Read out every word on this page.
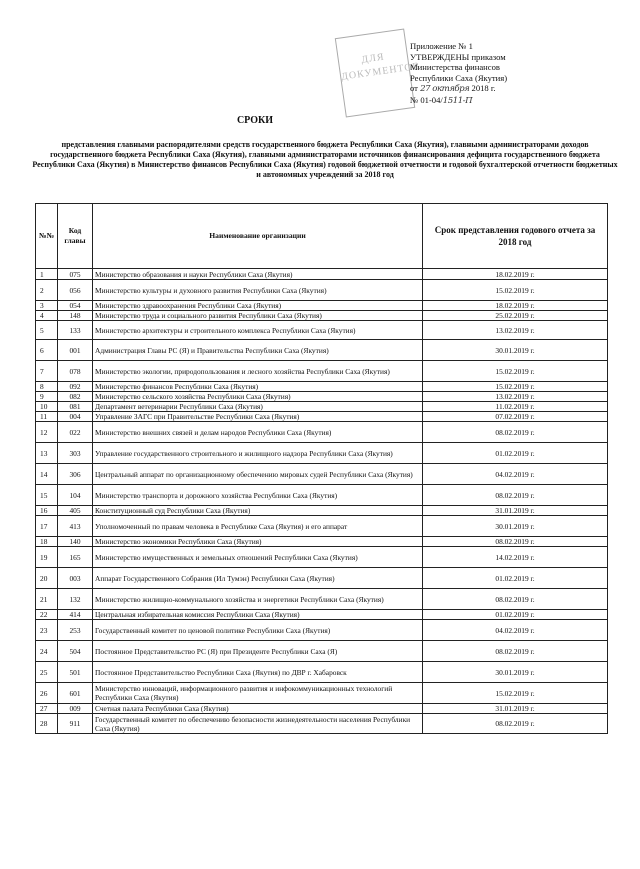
ДЛЯ ДОКУМЕНТОВ
Приложение № 1
УТВЕРЖДЕНЫ приказом
Министерства финансов
Республики Саха (Якутия)
от 27 октября 2018 г.
№ 01-04/1511-П
СРОКИ
представления главными распорядителями средств государственного бюджета Республики Саха (Якутия), главными администраторами доходов государственного бюджета Республики Саха (Якутия), главными администраторами источников финансирования дефицита государственного бюджета Республики Саха (Якутия) в Министерство финансов Республики Саха (Якутия) годовой бюджетной отчетности и годовой бухгалтерской отчетности бюджетных и автономных учреждений за 2018 год
№№	Код главы	Наименование организации	Срок представления годового отчета за 2018 год
1	075	Министерство образования и науки Республики Саха (Якутия)	18.02.2019 г.
2	056	Министерство культуры и духовного развития Республики Саха (Якутия)	15.02.2019 г.
3	054	Министерство здравоохранения Республики Саха (Якутия)	18.02.2019 г.
4	148	Министерство труда и социального развития Республики Саха (Якутия)	25.02.2019 г.
5	133	Министерство архитектуры и строительного комплекса Республики Саха (Якутия)	13.02.2019 г.
6	001	Администрация Главы РС (Я) и Правительства Республики Саха (Якутия)	30.01.2019 г.
7	078	Министерство экологии, природопользования и лесного хозяйства Республики Саха (Якутия)	15.02.2019 г.
8	092	Министерство финансов Республики Саха (Якутия)	15.02.2019 г.
9	082	Министерство сельского хозяйства Республики Саха (Якутия)	13.02.2019 г.
10	081	Департамент ветеринарии Республики Саха (Якутия)	11.02.2019 г.
11	004	Управление ЗАГС при Правительстве Республики Саха (Якутия)	07.02.2019 г.
12	022	Министерство внешних связей и делам народов Республики Саха (Якутия)	08.02.2019 г.
13	303	Управление государственного строительного и жилищного надзора Республики Саха (Якутия)	01.02.2019 г.
14	306	Центральный аппарат по организационному обеспечению мировых судей Республики Саха (Якутия)	04.02.2019 г.
15	104	Министерство транспорта и дорожного хозяйства Республики Саха (Якутия)	08.02.2019 г.
16	405	Конституционный суд Республики Саха (Якутия)	31.01.2019 г.
17	413	Уполномоченный по правам человека в Республике Саха (Якутия) и его аппарат	30.01.2019 г.
18	140	Министерство экономики Республики Саха (Якутия)	08.02.2019 г.
19	165	Министерство имущественных и земельных отношений Республики Саха (Якутия)	14.02.2019 г.
20	003	Аппарат Государственного Собрания (Ил Тумэн) Республики Саха (Якутия)	01.02.2019 г.
21	132	Министерство жилищно-коммунального хозяйства и энергетики Республики Саха (Якутия)	08.02.2019 г.
22	414	Центральная избирательная комиссия Республики Саха (Якутия)	01.02.2019 г.
23	253	Государственный комитет по ценовой политике Республики Саха (Якутия)	04.02.2019 г.
24	504	Постоянное Представительство РС (Я) при Президенте Республики Саха (Я)	08.02.2019 г.
25	501	Постоянное Представительство Республики Саха (Якутия) по ДВР г. Хабаровск	30.01.2019 г.
26	601	Министерство инноваций, информационного развития и инфокоммуникационных технологий Республики Саха (Якутия)	15.02.2019 г.
27	009	Счетная палата Республики Саха (Якутия)	31.01.2019 г.
28	911	Государственный комитет по обеспечению безопасности жизнедеятельности населения Республики Саха (Якутия)	08.02.2019 г.
